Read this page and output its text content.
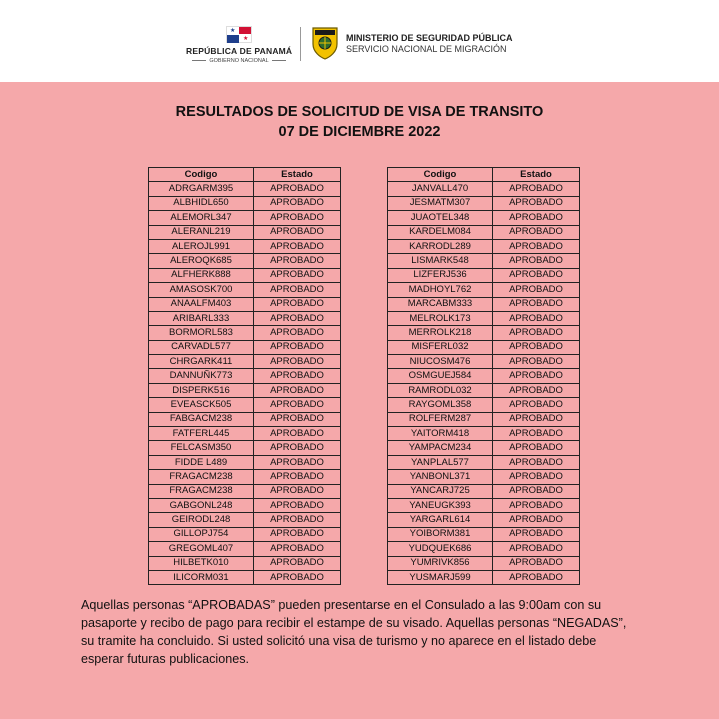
★
★
REPÚBLICA DE PANAMÁ
GOBIERNO NACIONAL
MINISTERIO DE SEGURIDAD PÚBLICA
SERVICIO NACIONAL DE MIGRACIÓN
RESULTADOS DE SOLICITUD DE VISA DE TRANSITO
07 DE DICIEMBRE 2022
Codigo	Estado
ADRGARM395	APROBADO
ALBHIDL650	APROBADO
ALEMORL347	APROBADO
ALERANL219	APROBADO
ALEROJL991	APROBADO
ALEROQK685	APROBADO
ALFHERK888	APROBADO
AMASOSK700	APROBADO
ANAALFM403	APROBADO
ARIBARL333	APROBADO
BORMORL583	APROBADO
CARVADL577	APROBADO
CHRGARK411	APROBADO
DANNUÑK773	APROBADO
DISPERK516	APROBADO
EVEASCK505	APROBADO
FABGACM238	APROBADO
FATFERL445	APROBADO
FELCASM350	APROBADO
FIDDE L489	APROBADO
FRAGACM238	APROBADO
FRAGACM238	APROBADO
GABGONL248	APROBADO
GEIRODL248	APROBADO
GILLOPJ754	APROBADO
GREGOML407	APROBADO
HILBETK010	APROBADO
ILICORM031	APROBADO
Codigo	Estado
JANVALL470	APROBADO
JESMATM307	APROBADO
JUAOTEL348	APROBADO
KARDELM084	APROBADO
KARRODL289	APROBADO
LISMARK548	APROBADO
LIZFERJ536	APROBADO
MADHOYL762	APROBADO
MARCABM333	APROBADO
MELROLK173	APROBADO
MERROLK218	APROBADO
MISFERL032	APROBADO
NIUCOSM476	APROBADO
OSMGUEJ584	APROBADO
RAMRODL032	APROBADO
RAYGOML358	APROBADO
ROLFERM287	APROBADO
YAITORM418	APROBADO
YAMPACM234	APROBADO
YANPLAL577	APROBADO
YANBONL371	APROBADO
YANCARJ725	APROBADO
YANEUGK393	APROBADO
YARGARL614	APROBADO
YOIBORM381	APROBADO
YUDQUEK686	APROBADO
YUMRIVK856	APROBADO
YUSMARJ599	APROBADO
Aquellas personas “APROBADAS” pueden presentarse en el Consulado a las 9:00am con su pasaporte y recibo de pago para recibir el estampe de su visado. Aquellas personas “NEGADAS”, su tramite ha concluido. Si usted solicitó una visa de turismo y no aparece en el listado debe esperar futuras publicaciones.
